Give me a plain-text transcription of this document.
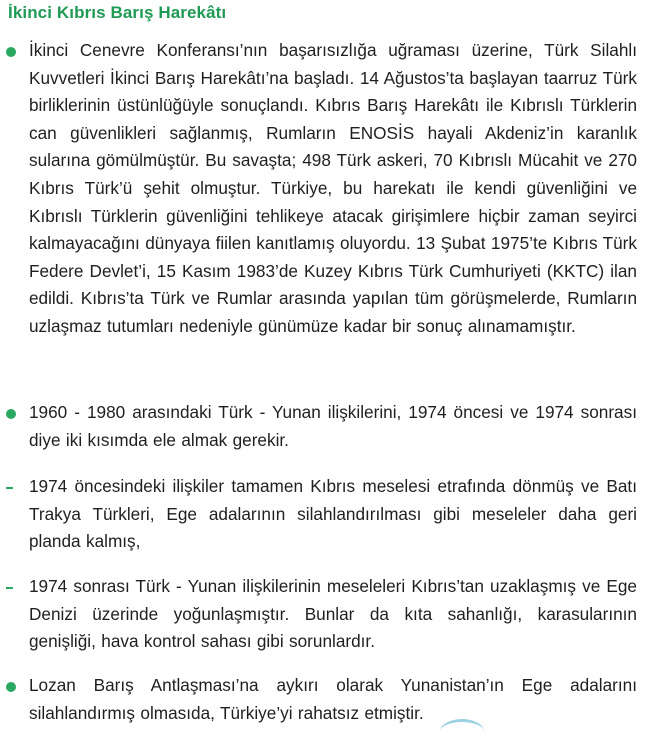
İkinci Kıbrıs Barış Harekâtı

İkinci Cenevre Konferansı’nın başarısızlığa uğraması üzerine, Türk Silahlı Kuvvetleri İkinci Barış Harekâtı’na başladı. 14 Ağustos’ta başlayan taarruz Türk birliklerinin üstünlüğüyle sonuçlandı. Kıbrıs Barış Harekâtı ile Kıbrıslı Türklerin can güvenlikleri sağlanmış, Rumların ENOSİS hayali Akdeniz’in karanlık sularına gömülmüştür. Bu savaşta; 498 Türk askeri, 70 Kıbrıslı Mücahit ve 270 Kıbrıs Türk’ü şehit olmuştur. Türkiye, bu harekatı ile kendi güvenliğini ve Kıbrıslı Türklerin güvenliğini tehlikeye atacak girişimlere hiçbir zaman seyirci kalmayacağını dünyaya fiilen kanıtlamış oluyordu. 13 Şubat 1975’te Kıbrıs Türk Federe Devlet’i, 15 Kasım 1983’de Kuzey Kıbrıs Türk Cumhuriyeti (KKTC) ilan edildi. Kıbrıs’ta Türk ve Rumlar arasında yapılan tüm görüşmelerde, Rumların uzlaşmaz tutumları nedeniyle günümüze kadar bir sonuç alınamamıştır.

1960 - 1980 arasındaki Türk - Yunan ilişkilerini, 1974 öncesi ve 1974 sonrası diye iki kısımda ele almak gerekir.

1974 öncesindeki ilişkiler tamamen Kıbrıs meselesi etrafında dönmüş ve Batı Trakya Türkleri, Ege adalarının silahlandırılması gibi meseleler daha geri planda kalmış,

1974 sonrası Türk - Yunan ilişkilerinin meseleleri Kıbrıs’tan uzaklaşmış ve Ege Denizi üzerinde yoğunlaşmıştır. Bunlar da kıta sahanlığı, karasularının genişliği, hava kontrol sahası gibi sorunlardır.

Lozan Barış Antlaşması’na aykırı olarak Yunanistan’ın Ege adalarını silahlandırmış olmasıda, Türkiye’yi rahatsız etmiştir.
